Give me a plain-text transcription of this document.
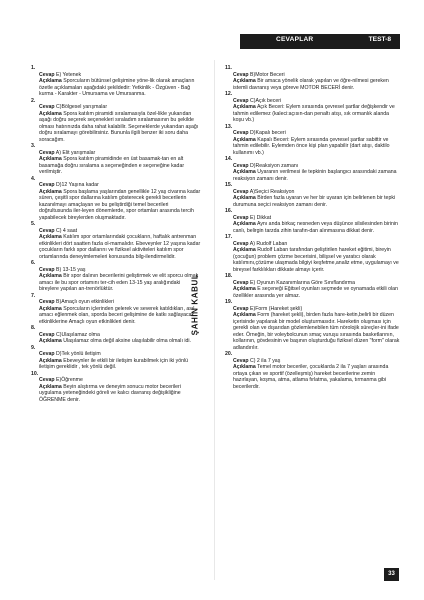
CEVAPLAR	TEST-8
1.
Cevap E) Yetenek
Açıklama Sporcuların bütünsel gelişimine yöne-lik olarak amaçların özetle açıklamaları aşağıdaki şekildedir: Yetkinlik - Özgüven - Bağ kurma - Karakter - Umursama ve Umursanma.
2.
Cevap C)Bölgesel yarışmalar
Açıklama Spora katılım piramidi sıralamasıyla özel-likle yukarıdan aşağı doğru seçerek seçenekleri sıraladım sıralamasının bu şekilde olması hatırınızda daha rahat kalabilir. Seçeneklerde yukarıdan aşağı doğru sıralamayı görebilirsiniz. Bununla ilgili benzer iki soru daha soracağım.
3.
Cevap A) Elit yarışmalar
Açıklama Spora katılım piramidinde en üst basamak-tan en alt basamağa doğru sıralama a seçeneğinden e seçeneğine kadar verilmiştir.
4.
Cevap D)12 Yaşına kadar
Açıklama Spora başlama yaşlarından genellikle 12 yaş civarına kadar süren, çeşitli spor dallarına katılım gösterecek gerekli becerilerin kazanılmayı amaçlayan ve bu geliştirdiği temel becerileri doğrultusunda iler-leyen dönemlerde, spor ortamları arasında tercih yapabilecek bireylerden oluşmaktadır.
5.
Cevap C) 4 saat
Açıklama Katılım spor ortamlarındaki çocukların, haftalık antrenman etkinlikleri dört saatten fazla ol-mamalıdır. Ebeveynler 12 yaşına kadar çocukların farklı spor dallarını ve fiziksel aktiviteleri katılım spor ortamlarında deneyimlemeleri konusunda bilg-ilendirmelidir.
6.
Cevap B) 13-15 yaş
Açıklama Bir spor dalının becerilerini geliştirmek ve elit sporcu olmak amacı ile bu spor ortamını ter-cih eden 13-15 yaş aralığındaki bireylere yapılan an-trenörlüktür.
7.
Cevap B)Amaçlı oyun etkinlikleri
Açıklama Sporcuların içlerinden gelerek ve severek katıldıkları, asıl amacı eğlenmek olan, sporda beceri gelişimine de katkı sağlayacak etkinliklerine Amaçlı oyun etkinlikleri denir.
8.
Cevap C)Ulaşılamaz olma
Açıklama Ulaşılamaz olma değil aksine ulaşılabilir olma olmalı idi.
9.
Cevap D)Tek yönlü iletişim
Açıklama Ebeveynler ile etkili bir iletişim kurabilmek için iki yönlü iletişim gereklidir , tek yönlü değil.
10.
Cevap E)Öğrenme
Açıklama Beyin alıştırma ve deneyim sonucu motor becerileri uygulama yeteneğindeki göreli ve kalıcı davranış değişikliğine ÖĞRENME denir.
11.
Cevap B)Motor Beceri
Açıklama Bir amaca yönelik olarak yapılan ve öğre-nilmesi gereken istemli davranış veya göreve MOTOR BECERİ denir.
12.
Cevap C)Açık beceri
Açıklama Açık Beceri: Eylem sırasında çevresel şartlar değişkendir ve tahmin edilemez (kaleci:açısın-dan penaltı atışı, sık ormanlık alanda koşu vb.)
13.
Cevap D)Kapalı beceri
Açıklama Kapalı Beceri: Eylem sırasında çevresel şartlar sabittir ve tahmin edilebilir. Eylemden önce kişi plan yapabilir (dart atışı, daktilo kullanımı vb.)
14.
Cevap D)Reaksiyon zamanı
Açıklama Uyaranın verilmesi ile tepkinin başlangıcı arasındaki zamana reaksiyon zamanı denir.
15.
Cevap A)Seçici Reaksiyon
Açıklama Birden fazla uyaran ve her bir uyaran için belirlenen bir tepki durumuna seçici reaksiyon zamanı denir.
16.
Cevap E) Dikkat
Açıklama Aynı anda birkaç nesneden veya düşünce silsilesinden birinin canlı, belirgin tarzda zihin tarafın-dan alınmasına dikkat denir.
17.
Cevap A) Rudolf Laban
Açıklama Rudolf Laban tarafından geliştirilen hareket eğitimi, bireyin (çocuğun) problem çözme becerisini, bilişsel ve yaratıcı olarak katılımını,çözüme ulaşmada bilgiyi keşfetme,analiz etme, uygulamayı ve bireysel farklılıkları dikkate almayı içerir.
18.
Cevap E) Oyunun Kazanımlarına Göre Sınıflandırma
Açıklama E seçeneği Eğitsel oyunları seçmede ve oynamada etkili olan özellikler arasında yer almaz.
19.
Cevap E)Form (Hareket şekli)
Açıklama Form (hareket şekli), birden fazla hare-ketin,belirli bir düzen içerisinde yapılarak bir model oluşturmasıdır. Hareketin oluşması için gerekli olan ve dışarıdan gözlemlenebilen tüm nörolojik süreçler-ini ifade eder. Örneğin, bir voleybolcunun smaç vuruşu sırasında basketlarının, kollarının, gövdesinin ve başının oluşturduğu fiziksel düzen "form" olarak adlandırılır.
20.
Cevap C) 2 ila 7 yaş
Açıklama Temel motor beceriler, çocuklarda 2 ila 7 yaşları arasında ortaya çıkan ve sportif (özelleşmiş) hareket becerilerine zemin hazırlayan, koşma, atma, atlama fırlatma, yakalama, tırmanma gibi becerilerdir.
ŞAHİN KABUL
33
